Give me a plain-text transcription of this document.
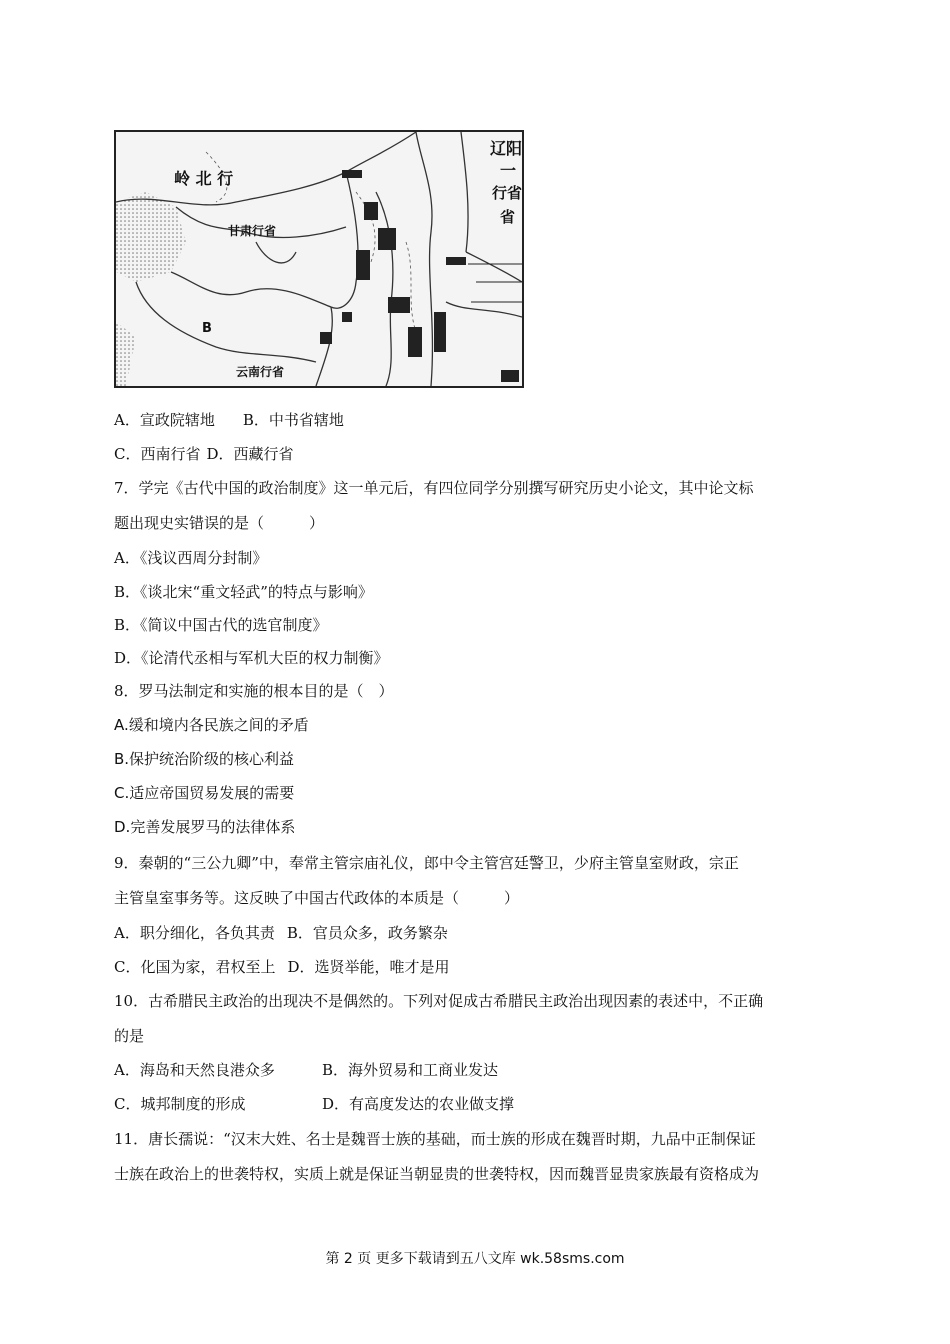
岭 北 行
辽阳
一
行省
甘肃行省
云南行省
B
省
A．宣政院辖地 B．中书省辖地
C．西南行省 D．西藏行省
7．学完《古代中国的政治制度》这一单元后，有四位同学分别撰写研究历史小论文，其中论文标
题出现史实错误的是（　　　）
A．《浅议西周分封制》
B．《谈北宋“重文轻武”的特点与影响》
B．《简议中国古代的选官制度》
D．《论清代丞相与军机大臣的权力制衡》
8．罗马法制定和实施的根本目的是（　）
A.缓和境内各民族之间的矛盾
B.保护统治阶级的核心利益
C.适应帝国贸易发展的需要
D.完善发展罗马的法律体系
9．秦朝的“三公九卿”中，奉常主管宗庙礼仪，郎中令主管宫廷警卫，少府主管皇室财政，宗正
主管皇室事务等。这反映了中国古代政体的本质是（　　　）
A．职分细化，各负其责 B．官员众多，政务繁杂
C．化国为家，君权至上 D．选贤举能，唯才是用
10．古希腊民主政治的出现决不是偶然的。下列对促成古希腊民主政治出现因素的表述中，不正确
的是
A．海岛和天然良港众多	B．海外贸易和工商业发达
C．城邦制度的形成	D．有高度发达的农业做支撑
11．唐长孺说：“汉末大姓、名士是魏晋士族的基础，而士族的形成在魏晋时期，九品中正制保证
士族在政治上的世袭特权，实质上就是保证当朝显贵的世袭特权，因而魏晋显贵家族最有资格成为
第 2 页 更多下载请到五八文库 wk.58sms.com
